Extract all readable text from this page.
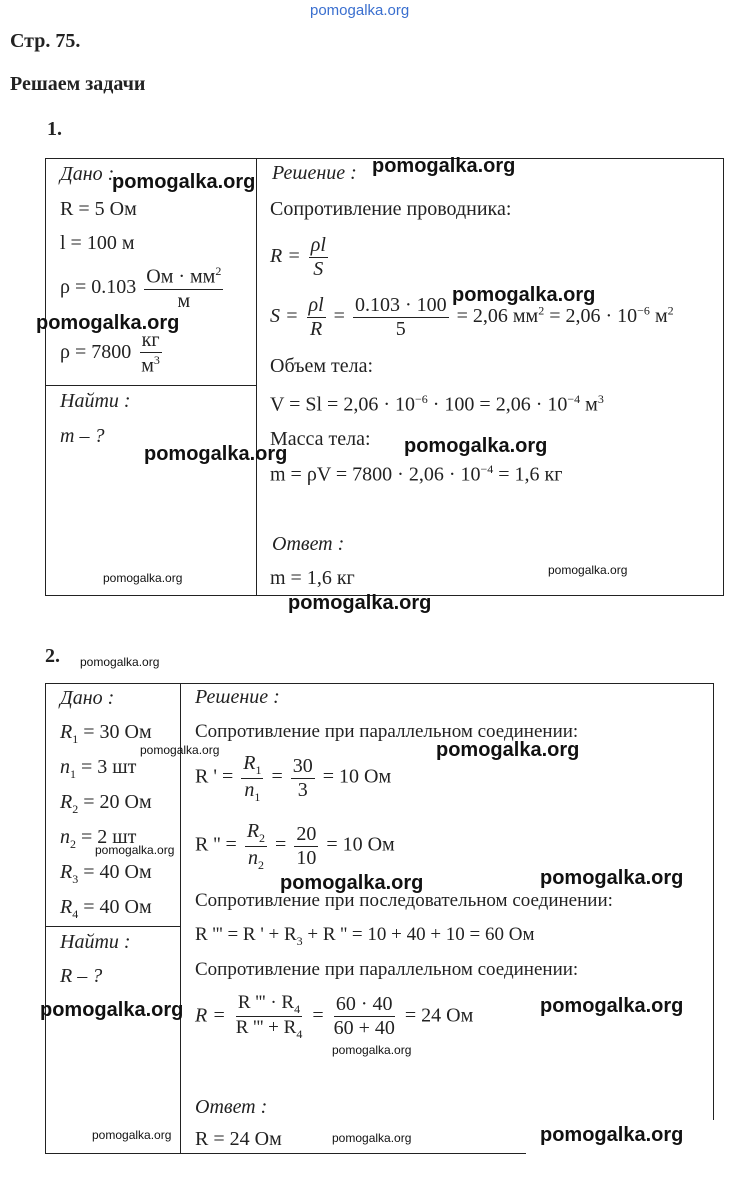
pomogalka.org
Стр. 75.
Решаем задачи
1.
Дано :
R = 5 Ом
l = 100 м
$\rho = 0.103 \frac{Ом \cdot мм^2}{м}$
$\rho = 7800 \frac{кг}{м^3}$
Найти :
m – ?
Решение :
Сопротивление проводника:
$R = \frac{\rho l}{S}$
$S = \frac{\rho l}{R} = \frac{0.103 \cdot 100}{5} = 2,06$ $мм^2 = 2,06 \cdot 10^{-6}$ $м^2$
Объем тела:
$V = Sl = 2,06 \cdot 10^{-6} \cdot 100 = 2,06 \cdot 10^{-4}$ $м^3$
Масса тела:
$m = \rho V = 7800 \cdot 2,06 \cdot 10^{-4} = 1,6$ кг
Ответ :
m = 1,6 кг
pomogalka.org
pomogalka.org
pomogalka.org
pomogalka.org
pomogalka.org
pomogalka.org
pomogalka.org
pomogalka.org
pomogalka.org
2. pomogalka.org
Дано :
$R_1 = 30$ Ом
$n_1 = 3$ шт
$R_2 = 20$ Ом
$n_2 = 2$ шт
$R_3 = 40$ Ом
$R_4 = 40$ Ом
Найти :
R – ?
Решение :
Сопротивление при параллельном соединении:
R ' = $\frac{R_1}{n_1} = \frac{30}{3} = 10$ Ом
R '' = $\frac{R_2}{n_2} = \frac{20}{10} = 10$ Ом
Сопротивление при последовательном соединении:
R ''' = R ' + $R_3 + R$ '' = 10 + 40 + 10 = 60 Ом
Сопротивление при параллельном соединении:
$R = \frac{R ''' \cdot R_4}{R ''' + R_4} = \frac{60 \cdot 40}{60 + 40} = 24$ Ом
Ответ :
R = 24 Ом
pomogalka.org	pomogalka.org
pomogalka.org
pomogalka.org
pomogalka.org
pomogalka.org
pomogalka.org
pomogalka.org
pomogalka.org	pomogalka.org	pomogalka.org
